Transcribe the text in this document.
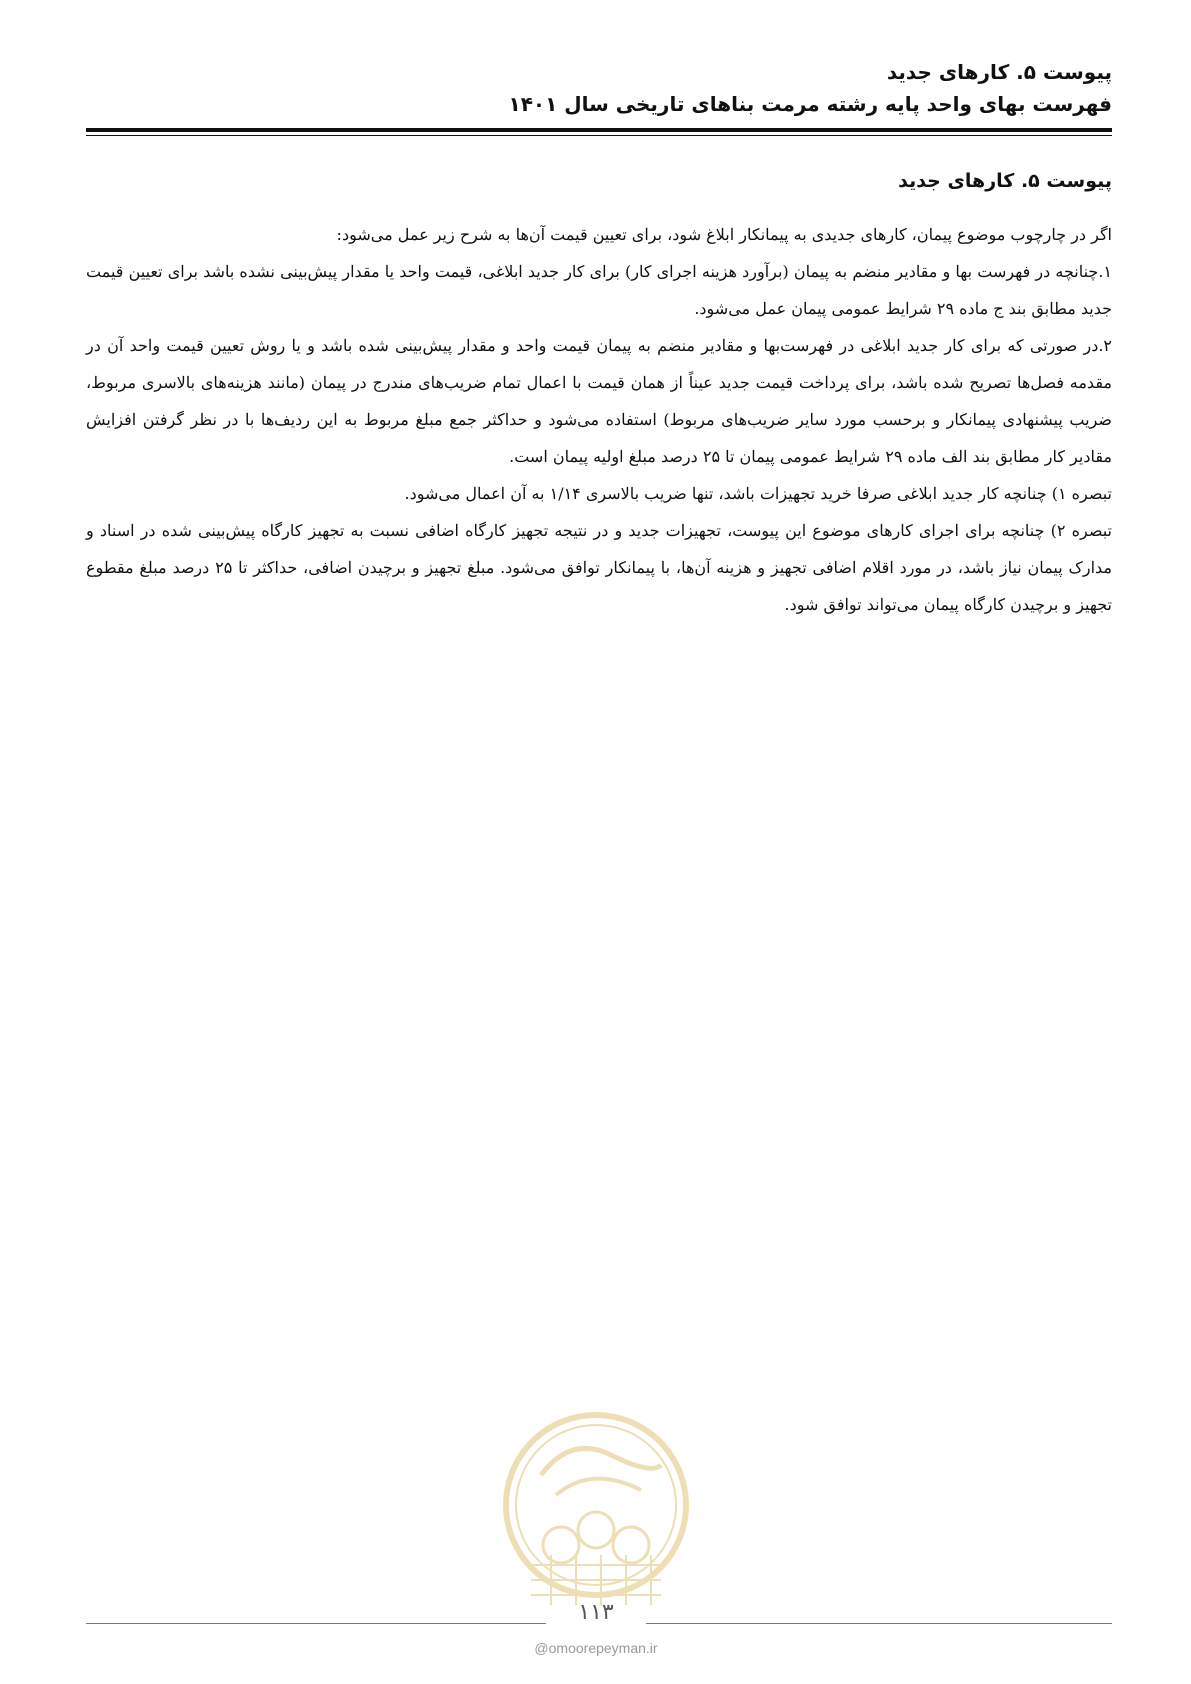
پیوست ۵. کارهای جدید
فهرست بهای واحد پایه رشته مرمت بناهای تاریخی سال ۱۴۰۱
پیوست ۵. کارهای جدید

اگر در چارچوب موضوع پیمان، کارهای جدیدی به پیمانکار ابلاغ شود، برای تعیین قیمت آن‌ها به شرح زیر عمل می‌شود:

۱.چنانچه در فهرست بها و مقادیر منضم به پیمان (برآورد هزینه اجرای کار) برای کار جدید ابلاغی، قیمت واحد یا مقدار پیش‌بینی نشده باشد برای تعیین قیمت جدید مطابق بند ج ماده ۲۹ شرایط عمومی پیمان عمل می‌شود.

۲.در صورتی که برای کار جدید ابلاغی در فهرست‌بها و مقادیر منضم به پیمان قیمت واحد و مقدار پیش‌بینی شده باشد و یا روش تعیین قیمت واحد آن در مقدمه فصل‌ها تصریح شده باشد، برای پرداخت قیمت جدید عیناً از همان قیمت با اعمال تمام ضریب‌های مندرج در پیمان (مانند هزینه‌های بالاسری مربوط، ضریب پیشنهادی پیمانکار و برحسب مورد سایر ضریب‌های مربوط) استفاده می‌شود و حداکثر جمع مبلغ مربوط به این ردیف‌ها با در نظر گرفتن افزایش مقادیر کار مطابق بند الف ماده ۲۹ شرایط عمومی پیمان تا ۲۵ درصد مبلغ اولیه پیمان است.

تبصره ۱) چنانچه کار جدید ابلاغی صرفا خرید تجهیزات باشد، تنها ضریب بالاسری ۱/۱۴ به آن اعمال می‌شود.

تبصره ۲) چنانچه برای اجرای کارهای موضوع این پیوست، تجهیزات جدید و در نتیجه تجهیز کارگاه اضافی نسبت به تجهیز کارگاه پیش‌بینی شده در اسناد و مدارک پیمان نیاز باشد، در مورد اقلام اضافی تجهیز و هزینه آن‌ها، با پیمانکار توافق می‌شود. مبلغ تجهیز و برچیدن اضافی، حداکثر تا ۲۵ درصد مبلغ مقطوع تجهیز و برچیدن کارگاه پیمان می‌تواند توافق شود.

۱۱۳
@omoorepeyman.ir
